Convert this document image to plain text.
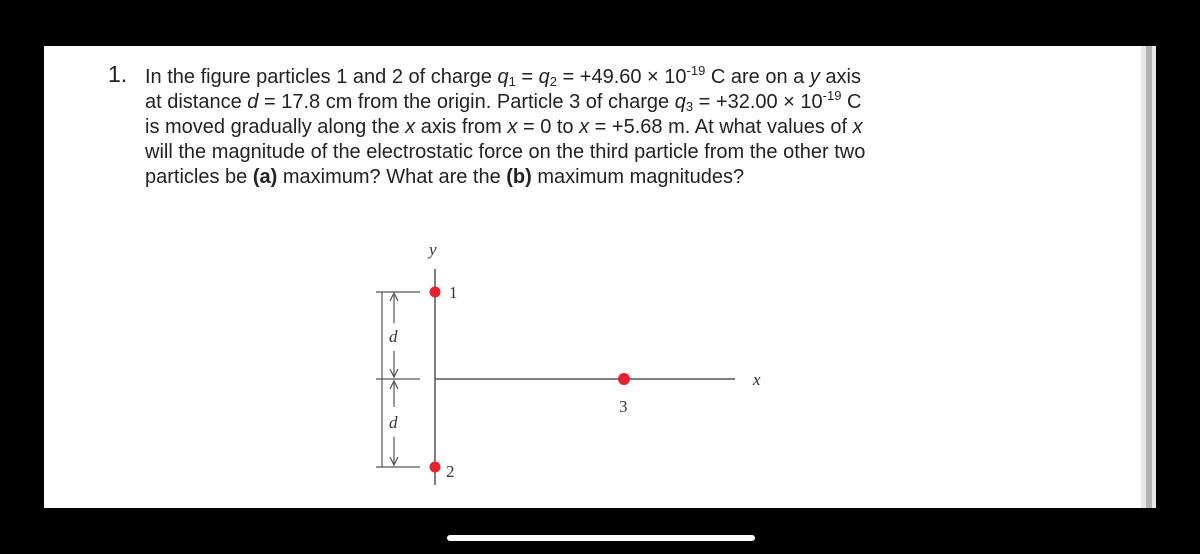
1. In the figure particles 1 and 2 of charge $q_1 = q_2 = +49.60 \times 10^{-19}$ C are on a y axis
at distance d = 17.8 cm from the origin. Particle 3 of charge $q_3 = +32.00 \times 10^{-19}$ C
is moved gradually along the x axis from x = 0 to x = +5.68 m. At what values of x
will the magnitude of the electrostatic force on the third particle from the other two
particles be (a) maximum? What are the (b) maximum magnitudes?
y
x
1
2
3
d
d
